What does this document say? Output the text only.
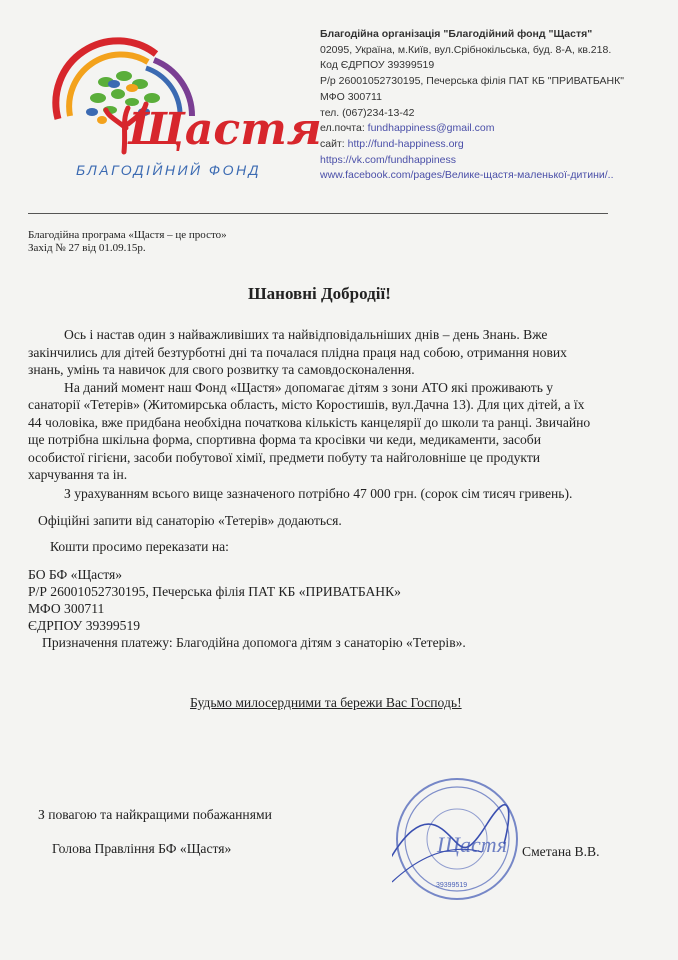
Щастя
БЛАГОДІЙНИЙ ФОНД
Благодійна організація "Благодійний фонд "Щастя"
02095, Україна, м.Київ, вул.Срібнокільська, буд. 8-А, кв.218.
Код ЄДРПОУ 39399519
Р/р 26001052730195, Печерська філія ПАТ КБ "ПРИВАТБАНК"
МФО 300711
тел. (067)234-13-42
ел.почта: fundhappiness@gmail.com
сайт: http://fund-happiness.org
https://vk.com/fundhappiness
www.facebook.com/pages/Велике-щастя-маленької-дитини/..
Благодійна програма «Щастя – це просто»
Захід № 27 від 01.09.15р.
Шановні Добродії!
Ось і настав один з найважливіших та найвідповідальніших днів – день Знань. Вже
закінчились для дітей безтурботні дні та почалася плідна праця над собою, отримання нових
знань, умінь та навичок для свого розвитку та самовдосконалення.
На даний момент наш Фонд «Щастя» допомагає дітям з зони АТО які проживають у
санаторії «Тетерів» (Житомирська область, місто Коростишів, вул.Дачна 13). Для цих дітей, а їх
44 чоловіка, вже придбана необхідна початкова кількість канцелярії до школи та ранці. Звичайно
ще потрібна шкільна форма, спортивна форма та кросівки чи кеди, медикаменти, засоби
особистої гігієни, засоби побутової хімії, предмети побуту та найголовніше це продукти
харчування та ін.
З урахуванням всього вище зазначеного потрібно 47 000 грн. (сорок сім тисяч гривень).
Офіційні запити від санаторію «Тетерів» додаються.
Кошти просимо переказати на:
БО БФ «Щастя»
Р/Р 26001052730195, Печерська філія ПАТ КБ «ПРИВАТБАНК»
МФО 300711
ЄДРПОУ 39399519
Призначення платежу: Благодійна допомога дітям з санаторію «Тетерів».
Будьмо милосердними та бережи Вас Господь!
З повагою та найкращими побажаннями
Голова Правління БФ «Щастя»	Сметана В.В.
Щастя
39399519
